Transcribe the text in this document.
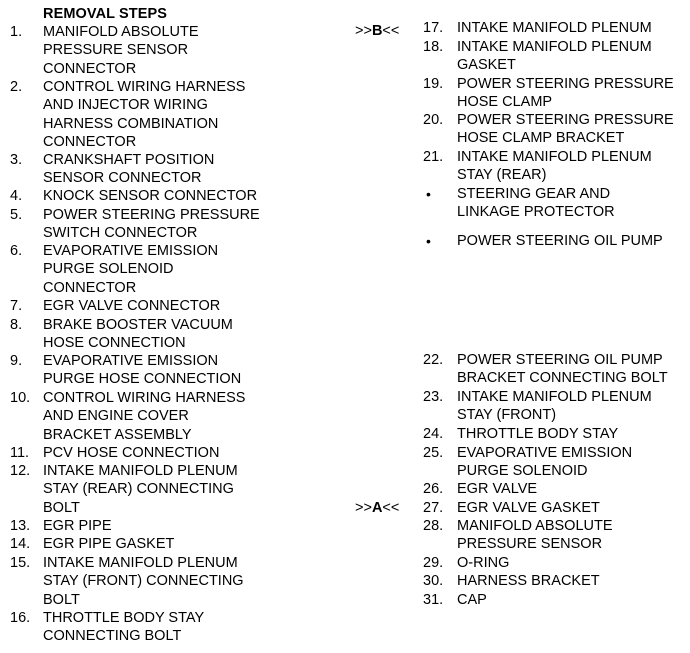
REMOVAL STEPS
>>B<<
>>A<<
1. MANIFOLD ABSOLUTE
PRESSURE SENSOR
CONNECTOR
2. CONTROL WIRING HARNESS
AND INJECTOR WIRING
HARNESS COMBINATION
CONNECTOR
3. CRANKSHAFT POSITION
SENSOR CONNECTOR
4. KNOCK SENSOR CONNECTOR
5. POWER STEERING PRESSURE
SWITCH CONNECTOR
6. EVAPORATIVE EMISSION
PURGE SOLENOID
CONNECTOR
7. EGR VALVE CONNECTOR
8. BRAKE BOOSTER VACUUM
HOSE CONNECTION
9. EVAPORATIVE EMISSION
PURGE HOSE CONNECTION
10. CONTROL WIRING HARNESS
AND ENGINE COVER
BRACKET ASSEMBLY
11. PCV HOSE CONNECTION
12. INTAKE MANIFOLD PLENUM
STAY (REAR) CONNECTING
BOLT
13. EGR PIPE
14. EGR PIPE GASKET
15. INTAKE MANIFOLD PLENUM
STAY (FRONT) CONNECTING
BOLT
16. THROTTLE BODY STAY
CONNECTING BOLT
17. INTAKE MANIFOLD PLENUM
18. INTAKE MANIFOLD PLENUM
GASKET
19. POWER STEERING PRESSURE
HOSE CLAMP
20. POWER STEERING PRESSURE
HOSE CLAMP BRACKET
21. INTAKE MANIFOLD PLENUM
STAY (REAR)
• STEERING GEAR AND
LINKAGE PROTECTOR
• POWER STEERING OIL PUMP
22. POWER STEERING OIL PUMP
BRACKET CONNECTING BOLT
23. INTAKE MANIFOLD PLENUM
STAY (FRONT)
24. THROTTLE BODY STAY
25. EVAPORATIVE EMISSION
PURGE SOLENOID
26. EGR VALVE
27. EGR VALVE GASKET
28. MANIFOLD ABSOLUTE
PRESSURE SENSOR
29. O-RING
30. HARNESS BRACKET
31. CAP
